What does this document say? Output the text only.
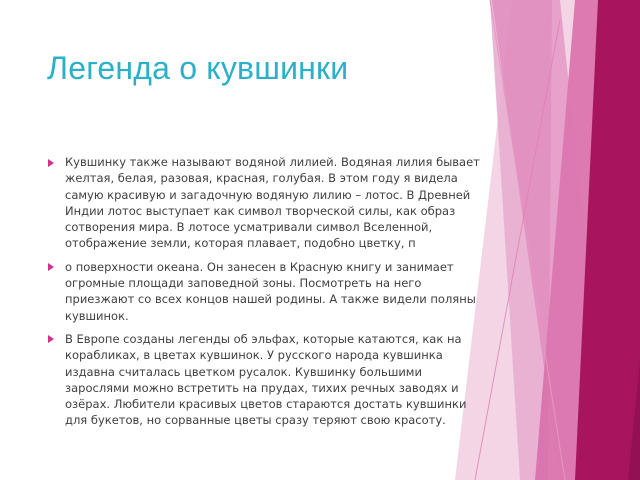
Легенда о кувшинки
Кувшинку также называют водяной лилией. Водяная лилия бывает желтая, белая, разовая, красная, голубая. В этом году я видела самую красивую и загадочную водяную лилию – лотос. В Древней Индии лотос выступает как символ творческой силы, как образ сотворения мира. В лотосе усматривали символ Вселенной, отображение земли, которая плавает, подобно цветку, п
о поверхности океана. Он занесен в Красную книгу и занимает огромные площади заповедной зоны. Посмотреть на него приезжают со всех концов нашей родины. А также видели поляны кувшинок.
В Европе созданы легенды об эльфах, которые катаются, как на корабликах, в цветах кувшинок. У русского народа кувшинка издавна считалась цветком русалок. Кувшинку большими зарослями можно встретить на прудах, тихих речных заводях и озёрах. Любители красивых цветов стараются достать кувшинки для букетов, но сорванные цветы сразу теряют свою красоту.
